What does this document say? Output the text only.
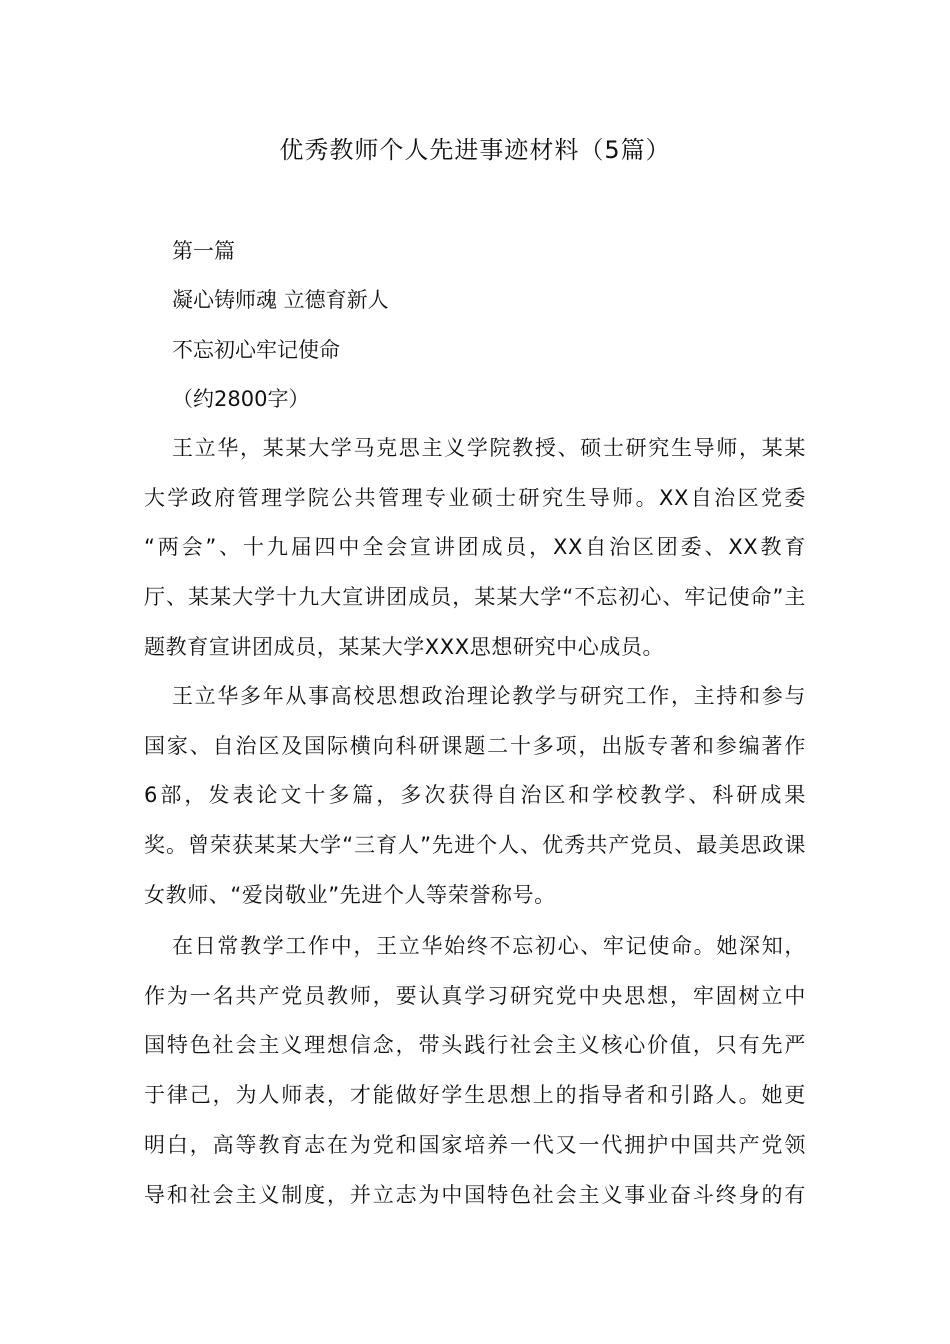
优秀教师个人先进事迹材料（5篇）
第一篇
凝心铸师魂 立德育新人
不忘初心牢记使命
（约2800字）
王立华，某某大学马克思主义学院教授、硕士研究生导师，某某
大学政府管理学院公共管理专业硕士研究生导师。XX自治区党委
“两会”、十九届四中全会宣讲团成员，XX自治区团委、XX教育
厅、某某大学十九大宣讲团成员，某某大学“不忘初心、牢记使命”主
题教育宣讲团成员，某某大学XXX思想研究中心成员。
王立华多年从事高校思想政治理论教学与研究工作，主持和参与
国家、自治区及国际横向科研课题二十多项，出版专著和参编著作
6部，发表论文十多篇，多次获得自治区和学校教学、科研成果
奖。曾荣获某某大学“三育人”先进个人、优秀共产党员、最美思政课
女教师、“爱岗敬业”先进个人等荣誉称号。
在日常教学工作中，王立华始终不忘初心、牢记使命。她深知，
作为一名共产党员教师，要认真学习研究党中央思想，牢固树立中
国特色社会主义理想信念，带头践行社会主义核心价值，只有先严
于律己，为人师表，才能做好学生思想上的指导者和引路人。她更
明白，高等教育志在为党和国家培养一代又一代拥护中国共产党领
导和社会主义制度，并立志为中国特色社会主义事业奋斗终身的有
